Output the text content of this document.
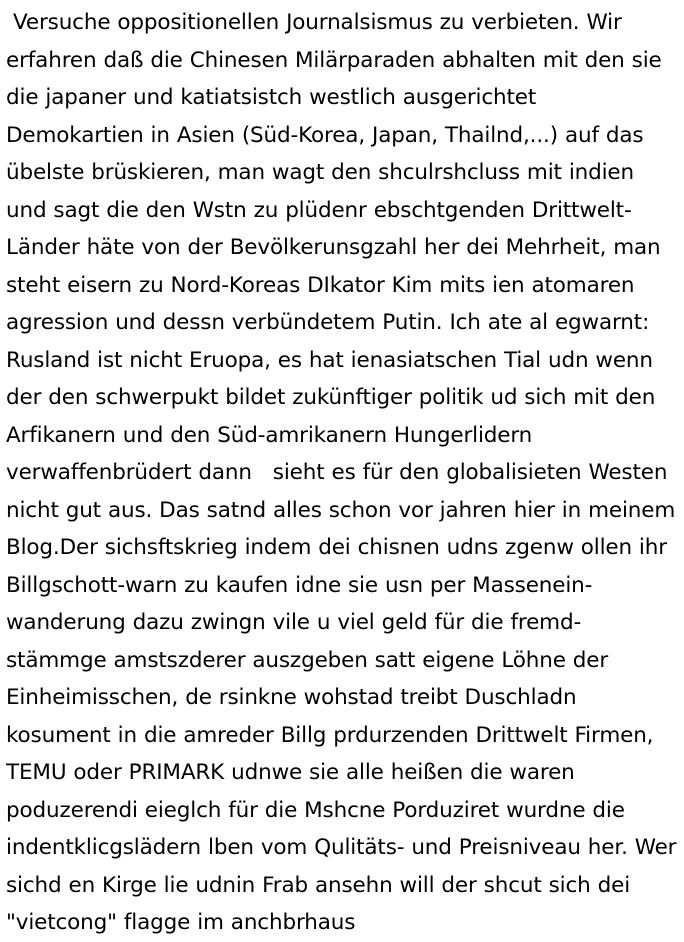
Versuche oppositionellen Journalsismus zu verbieten. Wir erfahren daß die Chinesen Milärparaden abhalten mit den sie die japaner und katiatsistch westlich ausgerichtet Demokartien in Asien (Süd-Korea, Japan, Thailnd,...) auf das übelste brüskieren, man wagt den shculrshcluss mit indien und sagt die den Wstn zu plüdenr ebschtgenden Drittwelt-Länder häte von der Bevölkerunsgzahl her dei Mehrheit, man steht eisern zu Nord-Koreas DIkator Kim mits ien atomaren agression und dessn verbündetem Putin. Ich ate al egwarnt: Rusland ist nicht Eruopa, es hat ienasiatschen Tial udn wenn der den schwerpukt bildet zukünftiger politik ud sich mit den Arfikanern und den Süd-amrikanern Hungerlidern verwaffenbrüdert dann   sieht es für den globalisieten Westen nicht gut aus. Das satnd alles schon vor jahren hier in meinem Blog.Der sichsftskrieg indem dei chisnen udns zgenw ollen ihr Billgschott-warn zu kaufen idne sie usn per Massenein-wanderung dazu zwingn vile u viel geld für die fremd-stämmge amstszderer auszgeben satt eigene Löhne der Einheimisschen, de rsinkne wohstad treibt Duschladn kosument in die amreder Billg prdurzenden Drittwelt Firmen, TEMU oder PRIMARK udnwe sie alle heißen die waren poduzerendi eieglch für die Mshcne Porduziret wurdne die indentklicgslädern lben vom Qulitäts- und Preisniveau her. Wer sichd en Kirge lie udnin Frab ansehn will der shcut sich dei "vietcong" flagge im anchbrhaus
